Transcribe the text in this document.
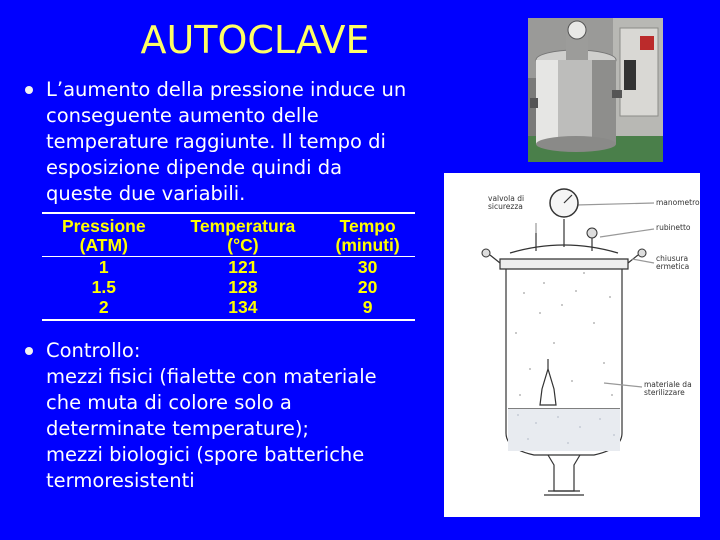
AUTOCLAVE
L’aumento della pressione induce un
conseguente aumento delle
temperature raggiunte. Il tempo di
esposizione dipende quindi da
queste due variabili.
Pressione	Temperatura	Tempo
(ATM)	(°C)	(minuti)
1	121	30
1.5	128	20
2	134	9
Controllo:
mezzi fisici (fialette con materiale
che muta di colore solo a
determinate temperature);
mezzi biologici (spore batteriche
termoresistenti
valvola di
sicurezza	manometro
rubinetto
chiusura
ermetica
materiale da
sterilizzare
